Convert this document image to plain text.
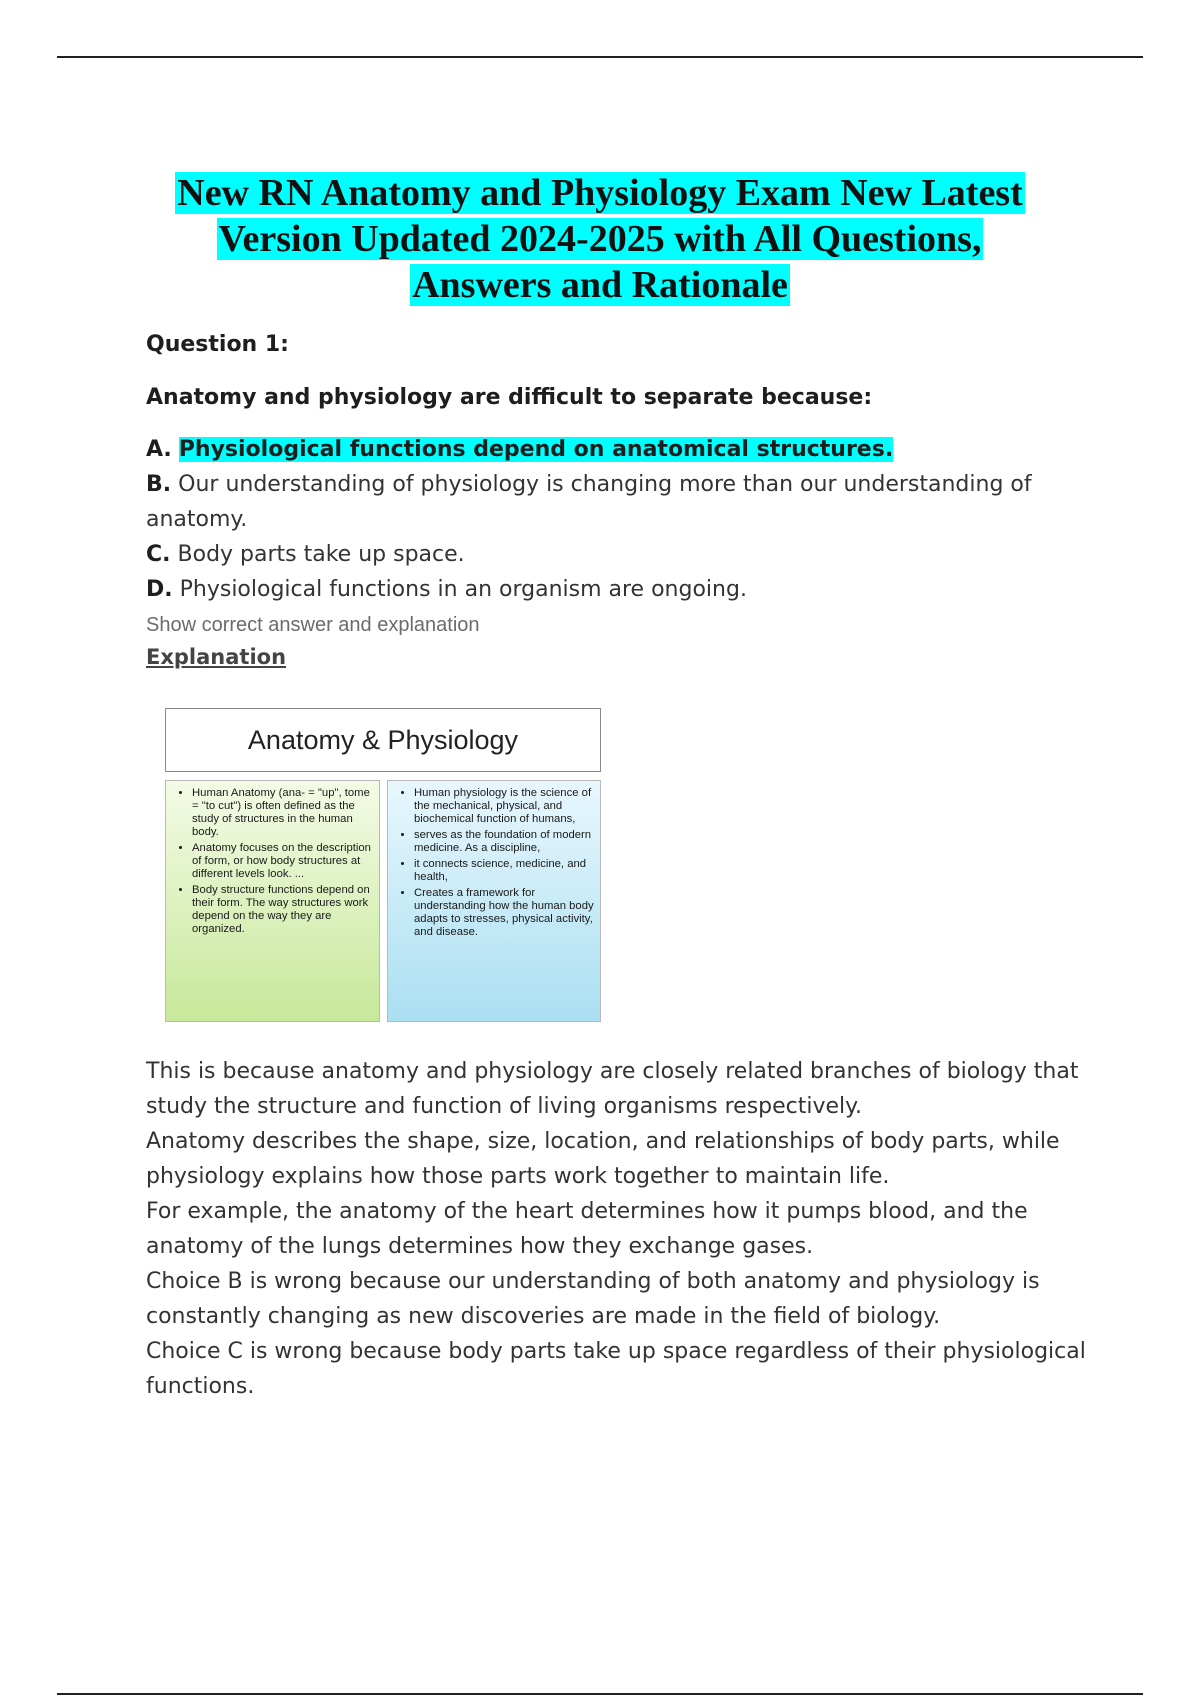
New RN Anatomy and Physiology Exam New Latest
Version Updated 2024-2025 with All Questions,
Answers and Rationale
Question 1:
Anatomy and physiology are difficult to separate because:
A. Physiological functions depend on anatomical structures.
B. Our understanding of physiology is changing more than our understanding of anatomy.
C. Body parts take up space.
D. Physiological functions in an organism are ongoing.
Show correct answer and explanation
Explanation
Anatomy & Physiology
• Human Anatomy (ana- = "up", tome = "to cut") is often defined as the study of structures in the human body.
• Anatomy focuses on the description of form, or how body structures at different levels look. ...
• Body structure functions depend on their form. The way structures work depend on the way they are organized.
• Human physiology is the science of the mechanical, physical, and biochemical function of humans,
• serves as the foundation of modern medicine. As a discipline,
• it connects science, medicine, and health,
• Creates a framework for understanding how the human body adapts to stresses, physical activity, and disease.

This is because anatomy and physiology are closely related branches of biology that study the structure and function of living organisms respectively.

Anatomy describes the shape, size, location, and relationships of body parts, while physiology explains how those parts work together to maintain life.

For example, the anatomy of the heart determines how it pumps blood, and the anatomy of the lungs determines how they exchange gases.

Choice B is wrong because our understanding of both anatomy and physiology is constantly changing as new discoveries are made in the field of biology.

Choice C is wrong because body parts take up space regardless of their physiological functions.
